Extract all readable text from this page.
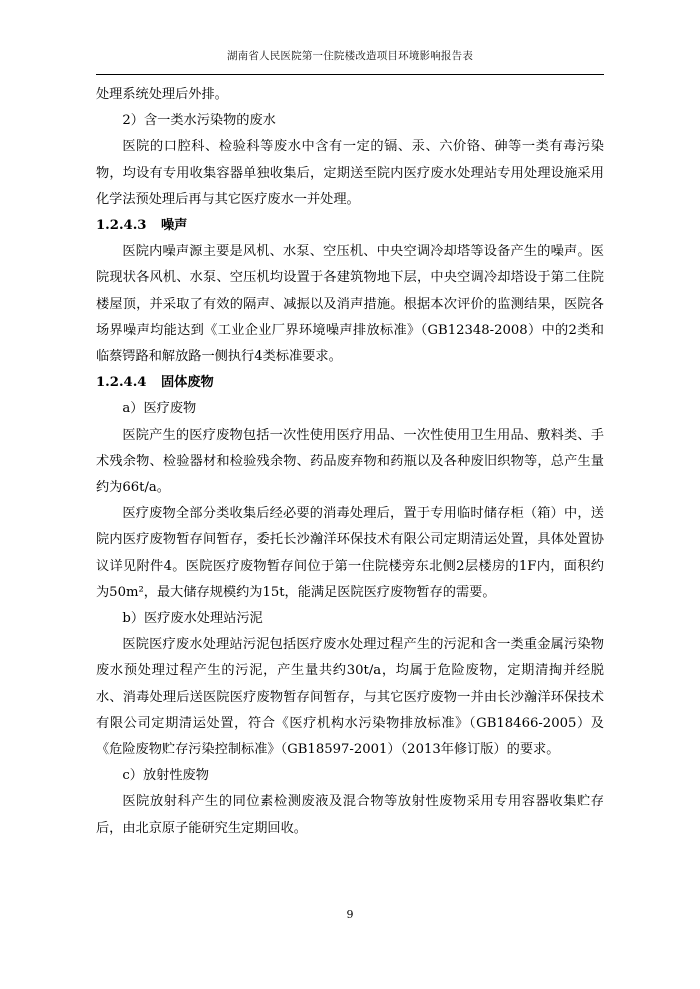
湖南省人民医院第一住院楼改造项目环境影响报告表

处理系统处理后外排。

2）含一类水污染物的废水

医院的口腔科、检验科等废水中含有一定的镉、汞、六价铬、砷等一类有毒污染物，均设有专用收集容器单独收集后，定期送至院内医疗废水处理站专用处理设施采用化学法预处理后再与其它医疗废水一并处理。

1.2.4.3 噪声

医院内噪声源主要是风机、水泵、空压机、中央空调冷却塔等设备产生的噪声。医院现状各风机、水泵、空压机均设置于各建筑物地下层，中央空调冷却塔设于第二住院楼屋顶，并采取了有效的隔声、减振以及消声措施。根据本次评价的监测结果，医院各场界噪声均能达到《工业企业厂界环境噪声排放标准》（GB12348-2008）中的2类和临蔡锷路和解放路一侧执行4类标准要求。

1.2.4.4 固体废物

a）医疗废物

医院产生的医疗废物包括一次性使用医疗用品、一次性使用卫生用品、敷料类、手术残余物、检验器材和检验残余物、药品废弃物和药瓶以及各种废旧织物等，总产生量约为66t/a。

医疗废物全部分类收集后经必要的消毒处理后，置于专用临时储存柜（箱）中，送院内医疗废物暂存间暂存，委托长沙瀚洋环保技术有限公司定期清运处置，具体处置协议详见附件4。医院医疗废物暂存间位于第一住院楼旁东北侧2层楼房的1F内，面积约为50m²，最大储存规模约为15t，能满足医院医疗废物暂存的需要。

b）医疗废水处理站污泥

医院医疗废水处理站污泥包括医疗废水处理过程产生的污泥和含一类重金属污染物废水预处理过程产生的污泥，产生量共约30t/a，均属于危险废物，定期清掏并经脱水、消毒处理后送医院医疗废物暂存间暂存，与其它医疗废物一并由长沙瀚洋环保技术有限公司定期清运处置，符合《医疗机构水污染物排放标准》（GB18466-2005）及《危险废物贮存污染控制标准》（GB18597-2001）（2013年修订版）的要求。

c）放射性废物

医院放射科产生的同位素检测废液及混合物等放射性废物采用专用容器收集贮存后，由北京原子能研究生定期回收。

9
